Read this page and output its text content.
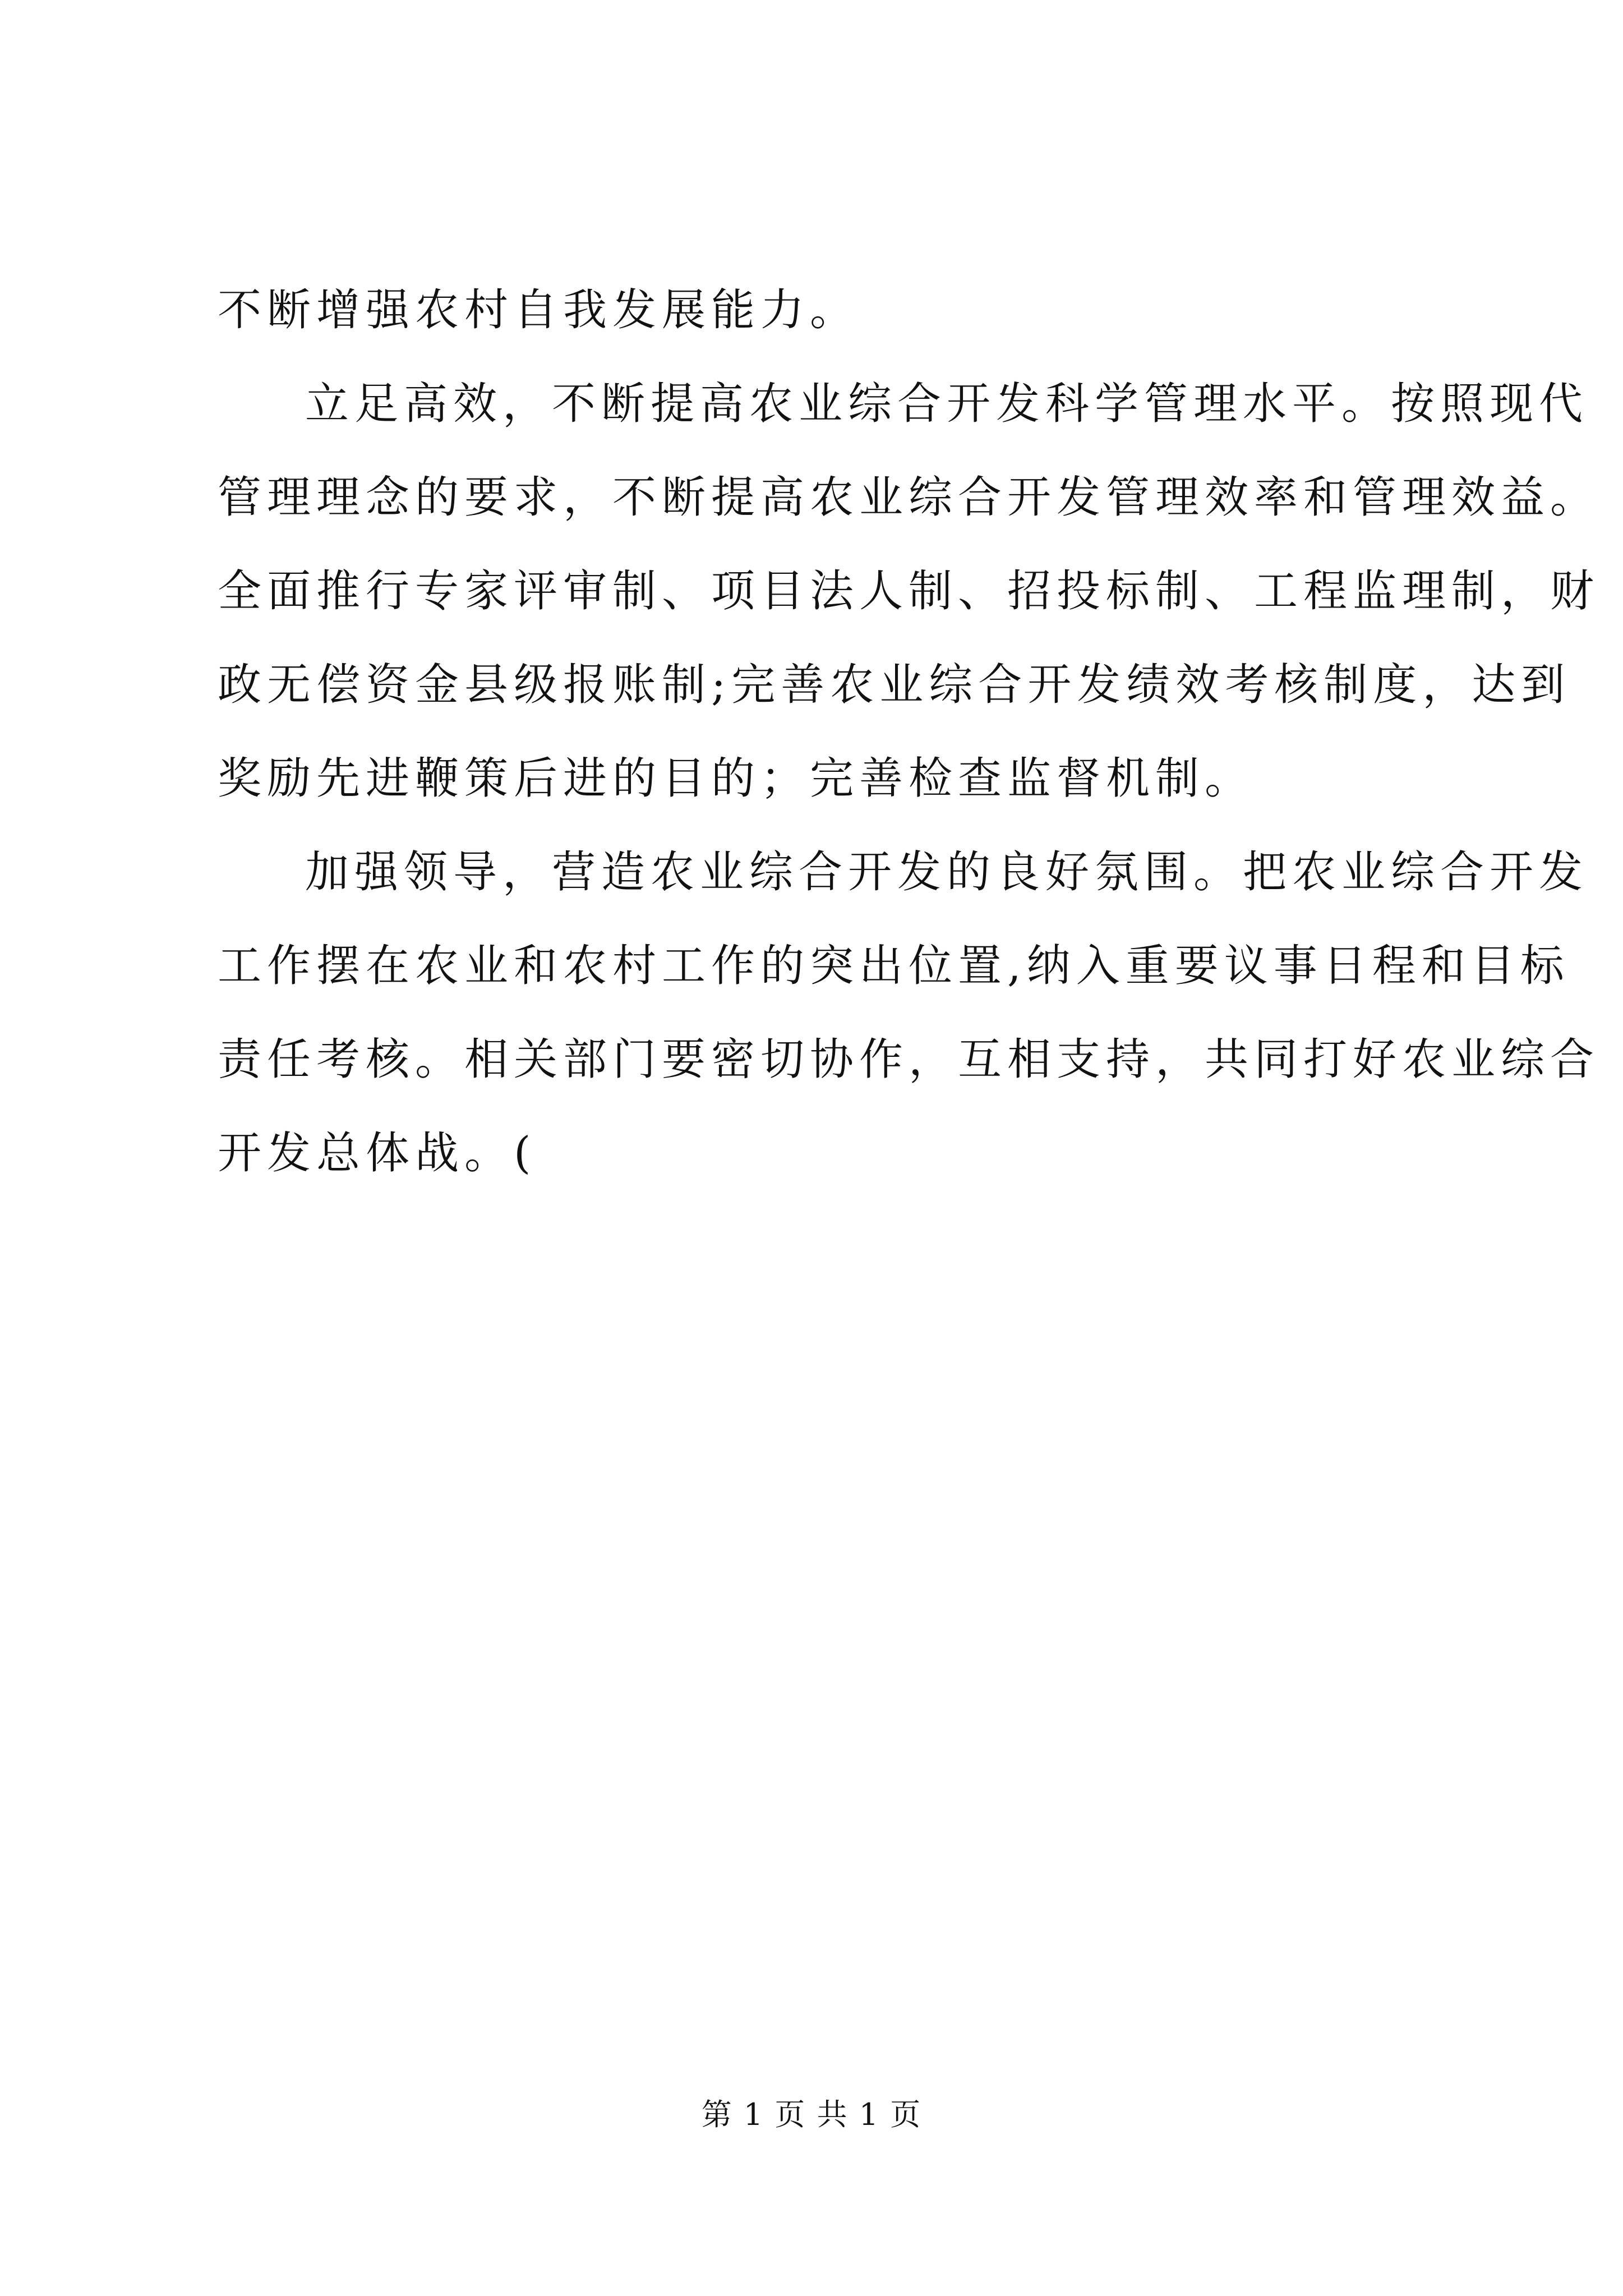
不断增强农村自我发展能力。
立足高效，不断提高农业综合开发科学管理水平。按照现代
管理理念的要求，不断提高农业综合开发管理效率和管理效益。
全面推行专家评审制、项目法人制、招投标制、工程监理制，财
政无偿资金县级报账制;完善农业综合开发绩效考核制度，达到
奖励先进鞭策后进的目的；完善检查监督机制。
加强领导，营造农业综合开发的良好氛围。把农业综合开发
工作摆在农业和农村工作的突出位置,纳入重要议事日程和目标
责任考核。相关部门要密切协作，互相支持，共同打好农业综合
开发总体战。(
第 1 页 共 1 页
